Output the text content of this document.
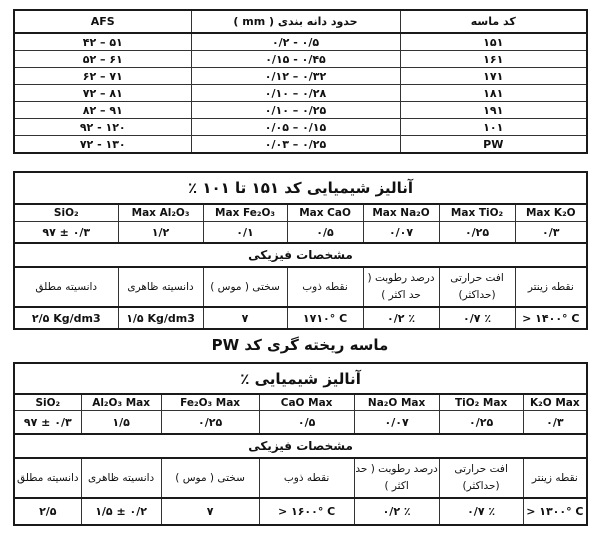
کد ماسه	حدود دانه بندی ( mm )	AFS
۱۵۱	۰/۲ - ۰/۵	۴۲ – ۵۱
۱۶۱	۰/۱۵ - ۰/۴۵	۵۲ – ۶۱
۱۷۱	۰/۱۲ – ۰/۳۲	۶۲ – ۷۱
۱۸۱	۰/۱۰ – ۰/۲۸	۷۲ – ۸۱
۱۹۱	۰/۱۰ – ۰/۲۵	۸۲ – ۹۱
۱۰۱	۰/۰۵ – ۰/۱۵	۹۲ - ۱۲۰
PW	۰/۰۳ – ۰/۲۵	۷۲ - ۱۳۰
آنالیز شیمیایی کد ۱۵۱ تا ۱۰۱ ٪						
Max K₂O	Max TiO₂	Max Na₂O	Max CaO	Max Fe₂O₃	Max Al₂O₃	SiO₂
۰/۳	۰/۲۵	۰/۰۷	۰/۵	۰/۱	۱/۲	۹۷ ± ۰/۳
مشخصات فیزیکی						
نقطه زینتر	افت حرارتی (حداکثر)	درصد رطوبت ( حد اکثر )	نقطه ذوب	سختی ( موس )	دانسیته ظاهری	دانسیته مطلق
> ۱۴۰۰° C	٪ ۰/۷	٪ ۰/۲	۱۷۱۰° C	۷	۱/۵ Kg/dm3	۲/۵ Kg/dm3
ماسه ریخته گری کد PW
آنالیز شیمیایی ٪						
K₂O Max	TiO₂ Max	Na₂O Max	CaO Max	Fe₂O₃ Max	Al₂O₃ Max	SiO₂
۰/۳	۰/۲۵	۰/۰۷	۰/۵	۰/۲۵	۱/۵	۹۷ ± ۰/۳
مشخصات فیزیکی						
نقطه زینتر	افت حرارتی (حداکثر)	درصد رطوبت ( حد اکثر )	نقطه ذوب	سختی ( موس )	دانسیته ظاهری	دانسیته مطلق
> ۱۳۰۰° C	٪ ۰/۷	٪ ۰/۲	> ۱۶۰۰° C	۷	۱/۵ ± ۰/۲	۲/۵
